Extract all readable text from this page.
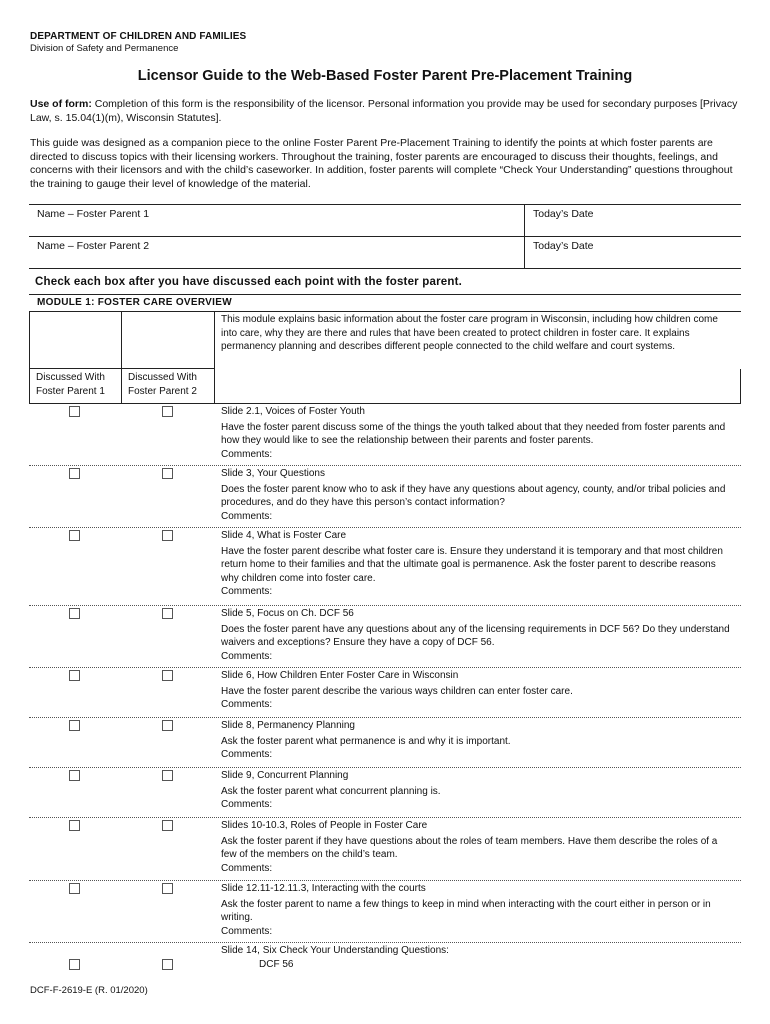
DEPARTMENT OF CHILDREN AND FAMILIES
Division of Safety and Permanence
Licensor Guide to the Web-Based Foster Parent Pre-Placement Training
Use of form: Completion of this form is the responsibility of the licensor. Personal information you provide may be used for secondary purposes [Privacy Law, s. 15.04(1)(m), Wisconsin Statutes].
This guide was designed as a companion piece to the online Foster Parent Pre-Placement Training to identify the points at which foster parents are directed to discuss topics with their licensing workers. Throughout the training, foster parents are encouraged to discuss their thoughts, feelings, and concerns with their licensors and with the child’s caseworker. In addition, foster parents will complete “Check Your Understanding” questions throughout the training to gauge their level of knowledge of the material.
Name – Foster Parent 1	Today’s Date
Name – Foster Parent 2	Today’s Date
Check each box after you have discussed each point with the foster parent.
MODULE 1: FOSTER CARE OVERVIEW
This module explains basic information about the foster care program in Wisconsin, including how children come into care, why they are there and rules that have been created to protect children in foster care. It explains permanency planning and describes different people connected to the child welfare and court systems.
Discussed With Foster Parent 1
Discussed With Foster Parent 2
Slide 2.1, Voices of Foster Youth
Have the foster parent discuss some of the things the youth talked about that they needed from foster parents and how they would like to see the relationship between their parents and foster parents.
Comments:
Slide 3, Your Questions
Does the foster parent know who to ask if they have any questions about agency, county, and/or tribal policies and procedures, and do they have this person’s contact information?
Comments:
Slide 4, What is Foster Care
Have the foster parent describe what foster care is. Ensure they understand it is temporary and that most children return home to their families and that the ultimate goal is permanence. Ask the foster parent to describe reasons why children come into foster care.
Comments:
Slide 5, Focus on Ch. DCF 56
Does the foster parent have any questions about any of the licensing requirements in DCF 56? Do they understand waivers and exceptions? Ensure they have a copy of DCF 56.
Comments:
Slide 6, How Children Enter Foster Care in Wisconsin
Have the foster parent describe the various ways children can enter foster care.
Comments:
Slide 8, Permanency Planning
Ask the foster parent what permanence is and why it is important.
Comments:
Slide 9, Concurrent Planning
Ask the foster parent what concurrent planning is.
Comments:
Slides 10-10.3, Roles of People in Foster Care
Ask the foster parent if they have questions about the roles of team members. Have them describe the roles of a few of the members on the child’s team.
Comments:
Slide 12.11-12.11.3, Interacting with the courts
Ask the foster parent to name a few things to keep in mind when interacting with the court either in person or in writing.
Comments:
Slide 14, Six Check Your Understanding Questions:
DCF 56
DCF-F-2619-E (R. 01/2020)
